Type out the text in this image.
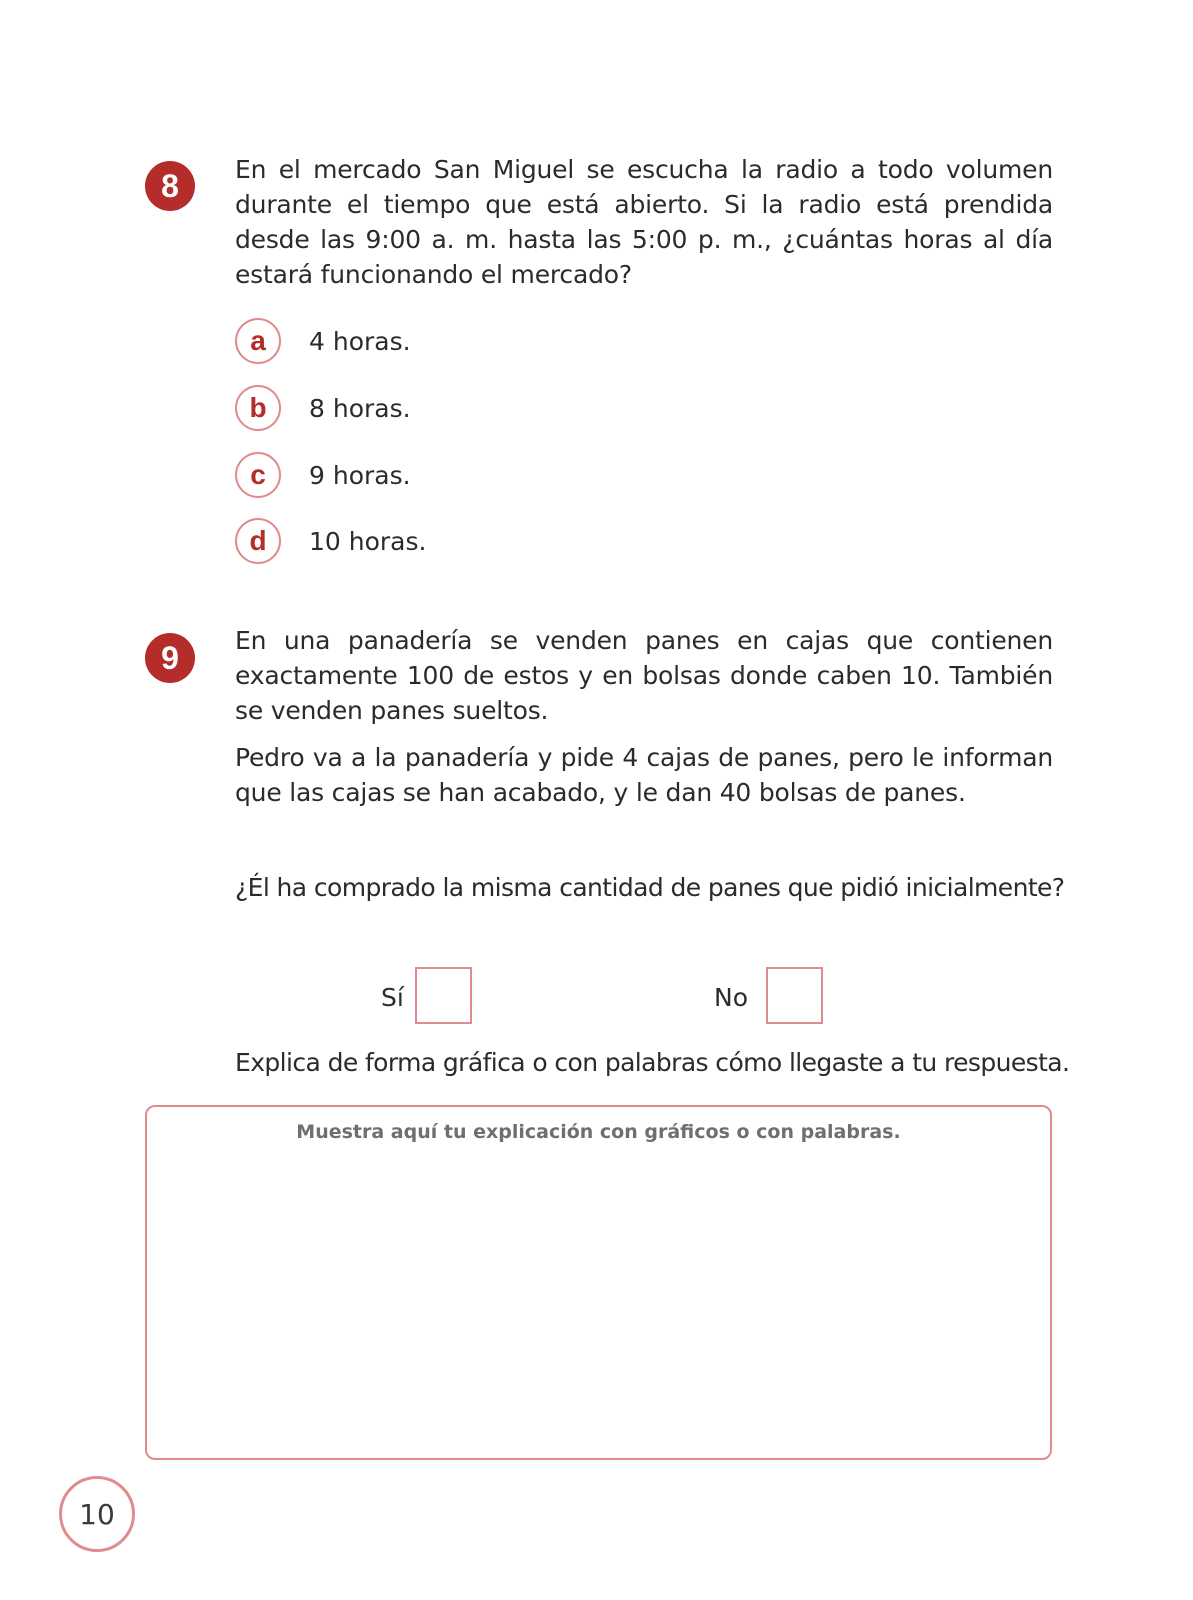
8	En el mercado San Miguel se escucha la radio a todo volumen durante el tiempo que está abierto. Si la radio está prendida desde las 9:00 a. m. hasta las 5:00 p. m., ¿cuántas horas al día estará funcionando el mercado?

a	4 horas.
b	8 horas.
c	9 horas.
d	10 horas.
9	En una panadería se venden panes en cajas que contienen exactamente 100 de estos y en bolsas donde caben 10. También se venden panes sueltos.

Pedro va a la panadería y pide 4 cajas de panes, pero le informan que las cajas se han acabado, y le dan 40 bolsas de panes.

¿Él ha comprado la misma cantidad de panes que pidió inicialmente?

Sí	No

Explica de forma gráfica o con palabras cómo llegaste a tu respuesta.

Muestra aquí tu explicación con gráficos o con palabras.
10
